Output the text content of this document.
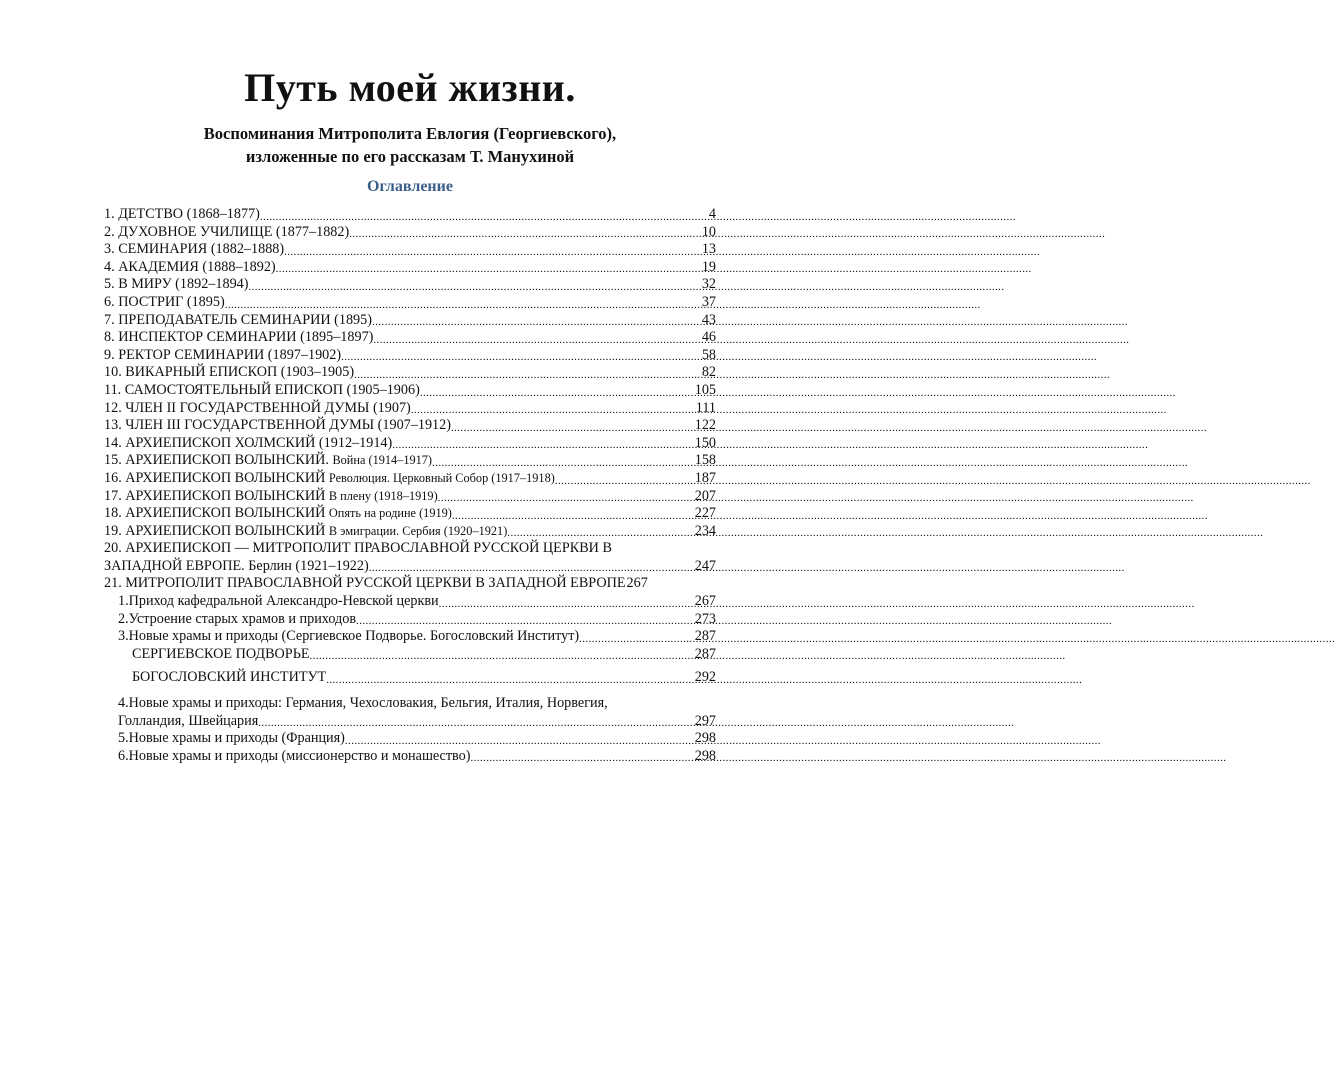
Путь моей жизни.
Воспоминания Митрополита Евлогия (Георгиевского),
изложенные по его рассказам Т. Манухиной
Оглавление
1. ДЕТСТВО (1868–1877) .....	4
2. ДУХОВНОЕ УЧИЛИЩЕ (1877–1882) .....	10
3. СЕМИНАРИЯ (1882–1888) .....	13
4. АКАДЕМИЯ (1888–1892) .....	19
5. В МИРУ (1892–1894) .....	32
6. ПОСТРИГ (1895) .....	37
7. ПРЕПОДАВАТЕЛЬ СЕМИНАРИИ (1895) .....	43
8. ИНСПЕКТОР СЕМИНАРИИ (1895–1897) .....	46
9. РЕКТОР СЕМИНАРИИ (1897–1902) .....	58
10. ВИКАРНЫЙ ЕПИСКОП (1903–1905) .....	82
11. САМОСТОЯТЕЛЬНЫЙ ЕПИСКОП (1905–1906) .....	105
12. ЧЛЕН II ГОСУДАРСТВЕННОЙ ДУМЫ (1907) .....	111
13. ЧЛЕН III ГОСУДАРСТВЕННОЙ ДУМЫ (1907–1912) .....	122
14. АРХИЕПИСКОП ХОЛМСКИЙ (1912–1914) .....	150
15. АРХИЕПИСКОП ВОЛЫНСКИЙ. Война (1914–1917) .....	158
16. АРХИЕПИСКОП ВОЛЫНСКИЙ Революция. Церковный Собор (1917–1918) .....	187
17. АРХИЕПИСКОП ВОЛЫНСКИЙ В плену (1918–1919) .....	207
18. АРХИЕПИСКОП ВОЛЫНСКИЙ Опять на родине (1919) .....	227
19. АРХИЕПИСКОП ВОЛЫНСКИЙ В эмиграции. Сербия (1920–1921) .....	234
20. АРХИЕПИСКОП — МИТРОПОЛИТ ПРАВОСЛАВНОЙ РУССКОЙ ЦЕРКВИ В
ЗАПАДНОЙ ЕВРОПЕ. Берлин (1921–1922) .....	247
21. МИТРОПОЛИТ ПРАВОСЛАВНОЙ РУССКОЙ ЦЕРКВИ В ЗАПАДНОЙ ЕВРОПЕ 267
1.Приход кафедральной Александро-Невской церкви .....	267
2.Устроение старых храмов и приходов .....	273
3.Новые храмы и приходы (Сергиевское Подворье. Богословский Институт) .....	287
СЕРГИЕВСКОЕ ПОДВОРЬЕ .....	287
БОГОСЛОВСКИЙ ИНСТИТУТ .....	292
4.Новые храмы и приходы: Германия, Чехословакия, Бельгия, Италия, Норвегия,
Голландия, Швейцария .....	297
5.Новые храмы и приходы (Франция) .....	298
6.Новые храмы и приходы (миссионерство и монашество) .....	298
